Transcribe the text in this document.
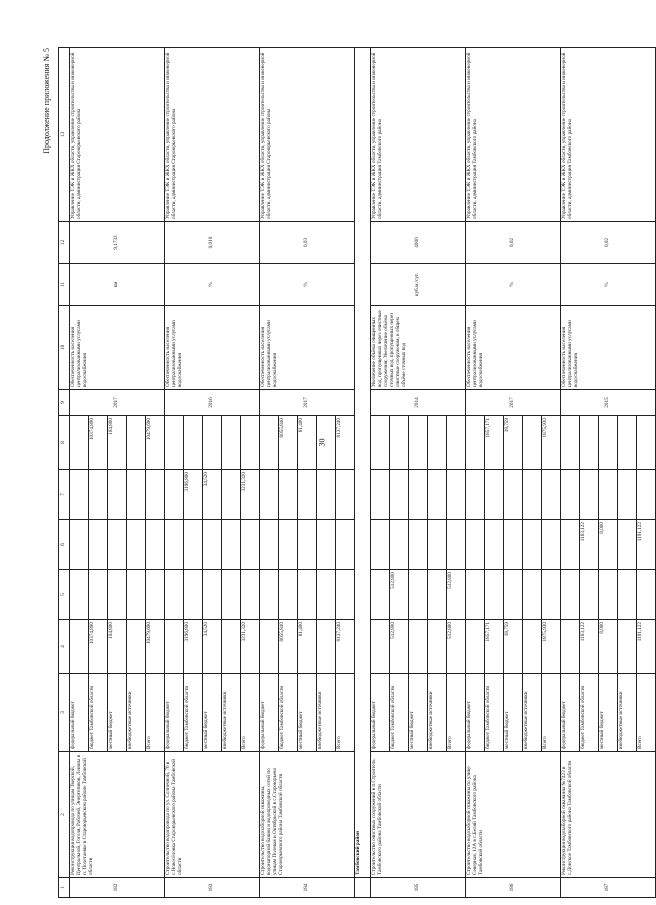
30
Продолжение приложения № 5
1	2	3	4	5	6	7	8	9	10	11	12	13
182	Реконструкция водопровода по улицам Тверской, Центральной, Гоголя, Рабочей, Энергетиков, Ленина в п. Полетаевке в Староюрьевском районе Тамбовской области	федеральный бюджет						2017	Обеспеченность населения централизованными услугами водоснабжения	км	9,1733	Управление ТЭК и ЖКХ области, управление строительства и инженерной области, администрация Староюрьевского района
		бюджет Тамбовской области	10374,890				10374,890					
		местный бюджет	104,800				104,800					
		внебюджетные источники										
		Всего	10479,690				10479,690					
183	Строительство водопровода по ул. Солнечной, 76 в с.Новосёловка Староюрьевского района Тамбовской области	федеральный бюджет						2016	Обеспеченность населения централизованными услугами водоснабжения	%	0,010	Управление ТЭК и ЖКХ области, управление строительства и инженерной области, администрация Староюрьевского района
		бюджет Тамбовской области	3196,800			3196,800						
		местный бюджет	34,520			34,520						
		внебюджетные источники										
		Всего	3231,320			3231,320						
184	Строительство водозаборной скважины, водонапорной башни и водопроводных сетей по улицам Полевая и Октябрьской в с.Староюрьево Староюрьевского района Тамбовской области	федеральный бюджет						2017	Обеспеченность населения централизованными услугами водоснабжения	%	0,03	Управление ТЭК и ЖКХ области, управление строительства и инженерной области, администрация Староюрьевского района
		бюджет Тамбовской области	8055,840				8055,840					
		местный бюджет	81,400				81,400					
		внебюджетные источники										
		Всего	8137,240				8137,240					
	Тамбовский район											
185	Строительство очистных сооружений в п.Строитель Тамбовского района Тамбовской области	федеральный бюджет						2014	Увеличение объёма очищенных вод, пропущенных через очистные сооружения; Увеличение объёма сточных вод, пропущенных через очистные сооружения, в общем объёме сточных вод	куб.м./сут.	4000	Управление ТЭК и ЖКХ области, управление строительства и инженерной области, администрация Тамбовского района
		бюджет Тамбовской области	512,800	512,800								
		местный бюджет										
		внебюджетные источники										
		Всего	512,800	512,800								
186	Строительство водозаборной скважины по улице Северная, 12А в с.Беляй Тамбовского района Тамбовской области	федеральный бюджет						2017	Обеспеченность населения централизованными услугами водоснабжения	%	0,02	Управление ТЭК и ЖКХ области, управление строительства и инженерной области, администрация Тамбовского района
		бюджет Тамбовской области	1857,171				1857,171					
		местный бюджет	18,759				18,759					
		внебюджетные источники										
		Всего	1875,930				1875,930					
187	Реконструкция водозаборной скважины №7423 в с.Донское Тамбовского района Тамбовской области	федеральный бюджет						2015	Обеспеченность населения централизованными услугами водоснабжения	%	0,02	Управление ТЭК и ЖКХ области, управление строительства и инженерной области, администрация Тамбовского района
		бюджет Тамбовской области	1183,122		1183,122							
		местный бюджет	8,000		8,000							
		внебюджетные источники										
		Всего	1191,122		1191,122							
